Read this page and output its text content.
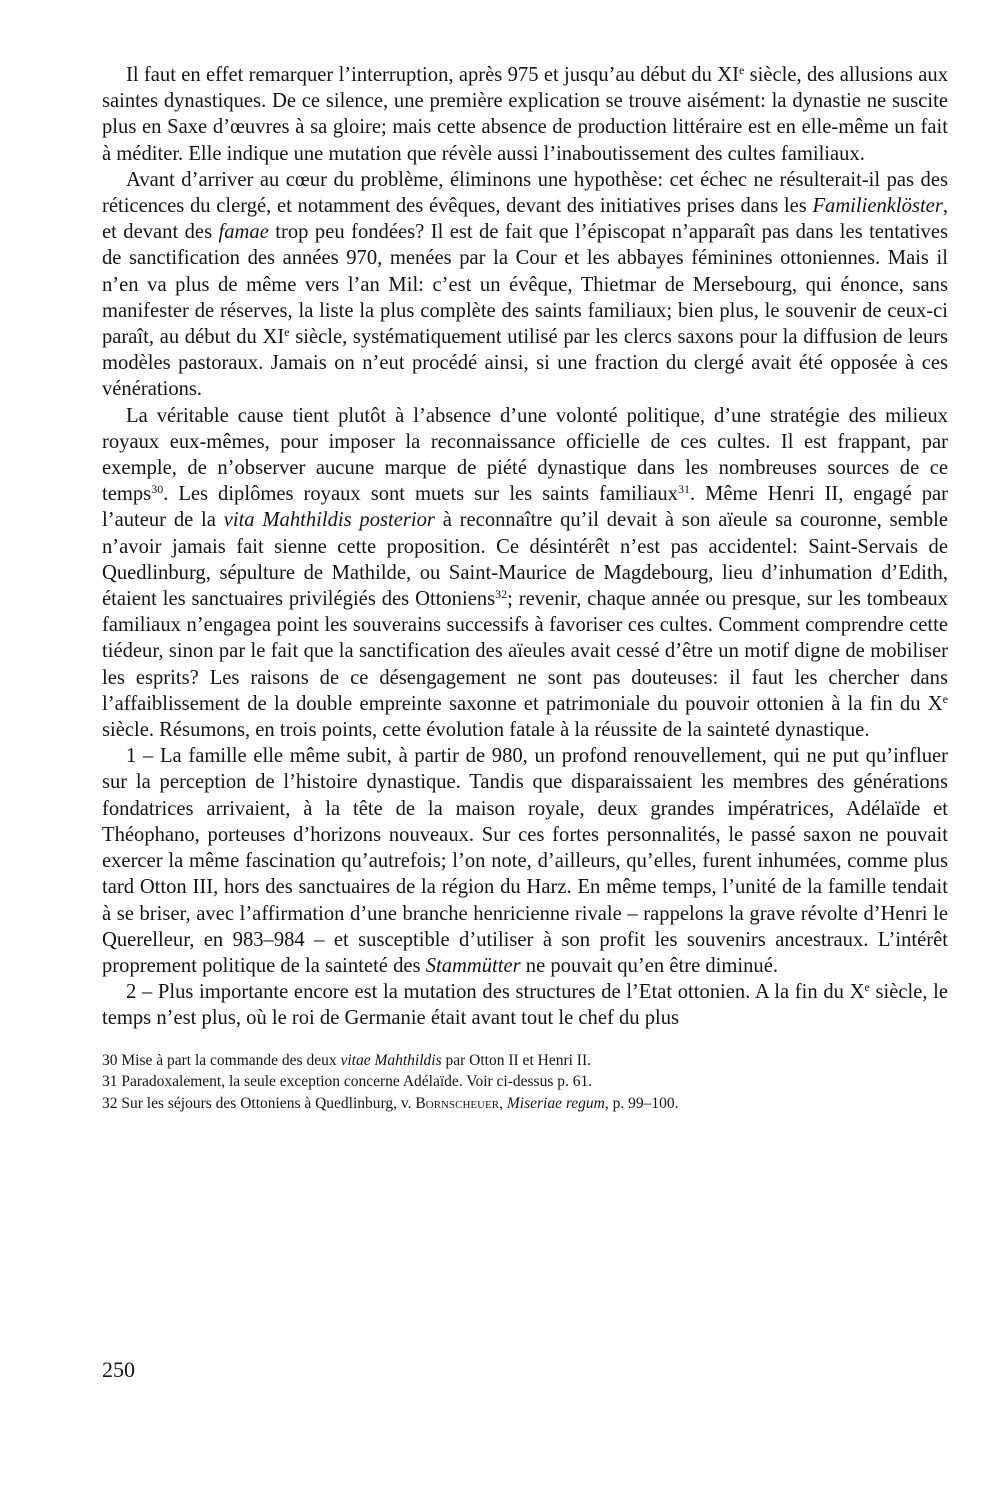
Il faut en effet remarquer l’interruption, après 975 et jusqu’au début du XIe siècle, des allusions aux saintes dynastiques. De ce silence, une première explication se trouve aisément: la dynastie ne suscite plus en Saxe d’œuvres à sa gloire; mais cette absence de production littéraire est en elle-même un fait à méditer. Elle indique une mutation que révèle aussi l’inaboutissement des cultes familiaux.

Avant d’arriver au cœur du problème, éliminons une hypothèse: cet échec ne résulterait-il pas des réticences du clergé, et notamment des évêques, devant des initiatives prises dans les Familienklöster, et devant des famae trop peu fondées? Il est de fait que l’épiscopat n’apparaît pas dans les tentatives de sanctification des années 970, menées par la Cour et les abbayes féminines ottoniennes. Mais il n’en va plus de même vers l’an Mil: c’est un évêque, Thietmar de Mersebourg, qui énonce, sans manifester de réserves, la liste la plus complète des saints familiaux; bien plus, le souvenir de ceux-ci paraît, au début du XIe siècle, systématiquement utilisé par les clercs saxons pour la diffusion de leurs modèles pastoraux. Jamais on n’eut procédé ainsi, si une fraction du clergé avait été opposée à ces vénérations.

La véritable cause tient plutôt à l’absence d’une volonté politique, d’une stratégie des milieux royaux eux-mêmes, pour imposer la reconnaissance officielle de ces cultes. Il est frappant, par exemple, de n’observer aucune marque de piété dynastique dans les nombreuses sources de ce temps$^{30}$. Les diplômes royaux sont muets sur les saints familiaux$^{31}$. Même Henri II, engagé par l’auteur de la vita Mahthildis posterior à reconnaître qu’il devait à son aïeule sa couronne, semble n’avoir jamais fait sienne cette proposition. Ce désintérêt n’est pas accidentel: Saint-Servais de Quedlinburg, sépulture de Mathilde, ou Saint-Maurice de Magdebourg, lieu d’inhumation d’Edith, étaient les sanctuaires privilégiés des Ottoniens$^{32}$; revenir, chaque année ou presque, sur les tombeaux familiaux n’engagea point les souverains successifs à favoriser ces cultes. Comment comprendre cette tiédeur, sinon par le fait que la sanctification des aïeules avait cessé d’être un motif digne de mobiliser les esprits? Les raisons de ce désengagement ne sont pas douteuses: il faut les chercher dans l’affaiblissement de la double empreinte saxonne et patrimoniale du pouvoir ottonien à la fin du Xe siècle. Résumons, en trois points, cette évolution fatale à la réussite de la sainteté dynastique.

1 – La famille elle même subit, à partir de 980, un profond renouvellement, qui ne put qu’influer sur la perception de l’histoire dynastique. Tandis que disparaissaient les membres des générations fondatrices arrivaient, à la tête de la maison royale, deux grandes impératrices, Adélaïde et Théophano, porteuses d’horizons nouveaux. Sur ces fortes personnalités, le passé saxon ne pouvait exercer la même fascination qu’autrefois; l’on note, d’ailleurs, qu’elles, furent inhumées, comme plus tard Otton III, hors des sanctuaires de la région du Harz. En même temps, l’unité de la famille tendait à se briser, avec l’affirmation d’une branche henricienne rivale – rappelons la grave révolte d’Henri le Querelleur, en 983–984 – et susceptible d’utiliser à son profit les souvenirs ancestraux. L’intérêt proprement politique de la sainteté des Stammütter ne pouvait qu’en être diminué.

2 – Plus importante encore est la mutation des structures de l’Etat ottonien. A la fin du Xe siècle, le temps n’est plus, où le roi de Germanie était avant tout le chef du plus

30 Mise à part la commande des deux vitae Mahthildis par Otton II et Henri II.

31 Paradoxalement, la seule exception concerne Adélaïde. Voir ci-dessus p. 61.

32 Sur les séjours des Ottoniens à Quedlinburg, v. Bornscheuer, Miseriae regum, p. 99–100.

250
